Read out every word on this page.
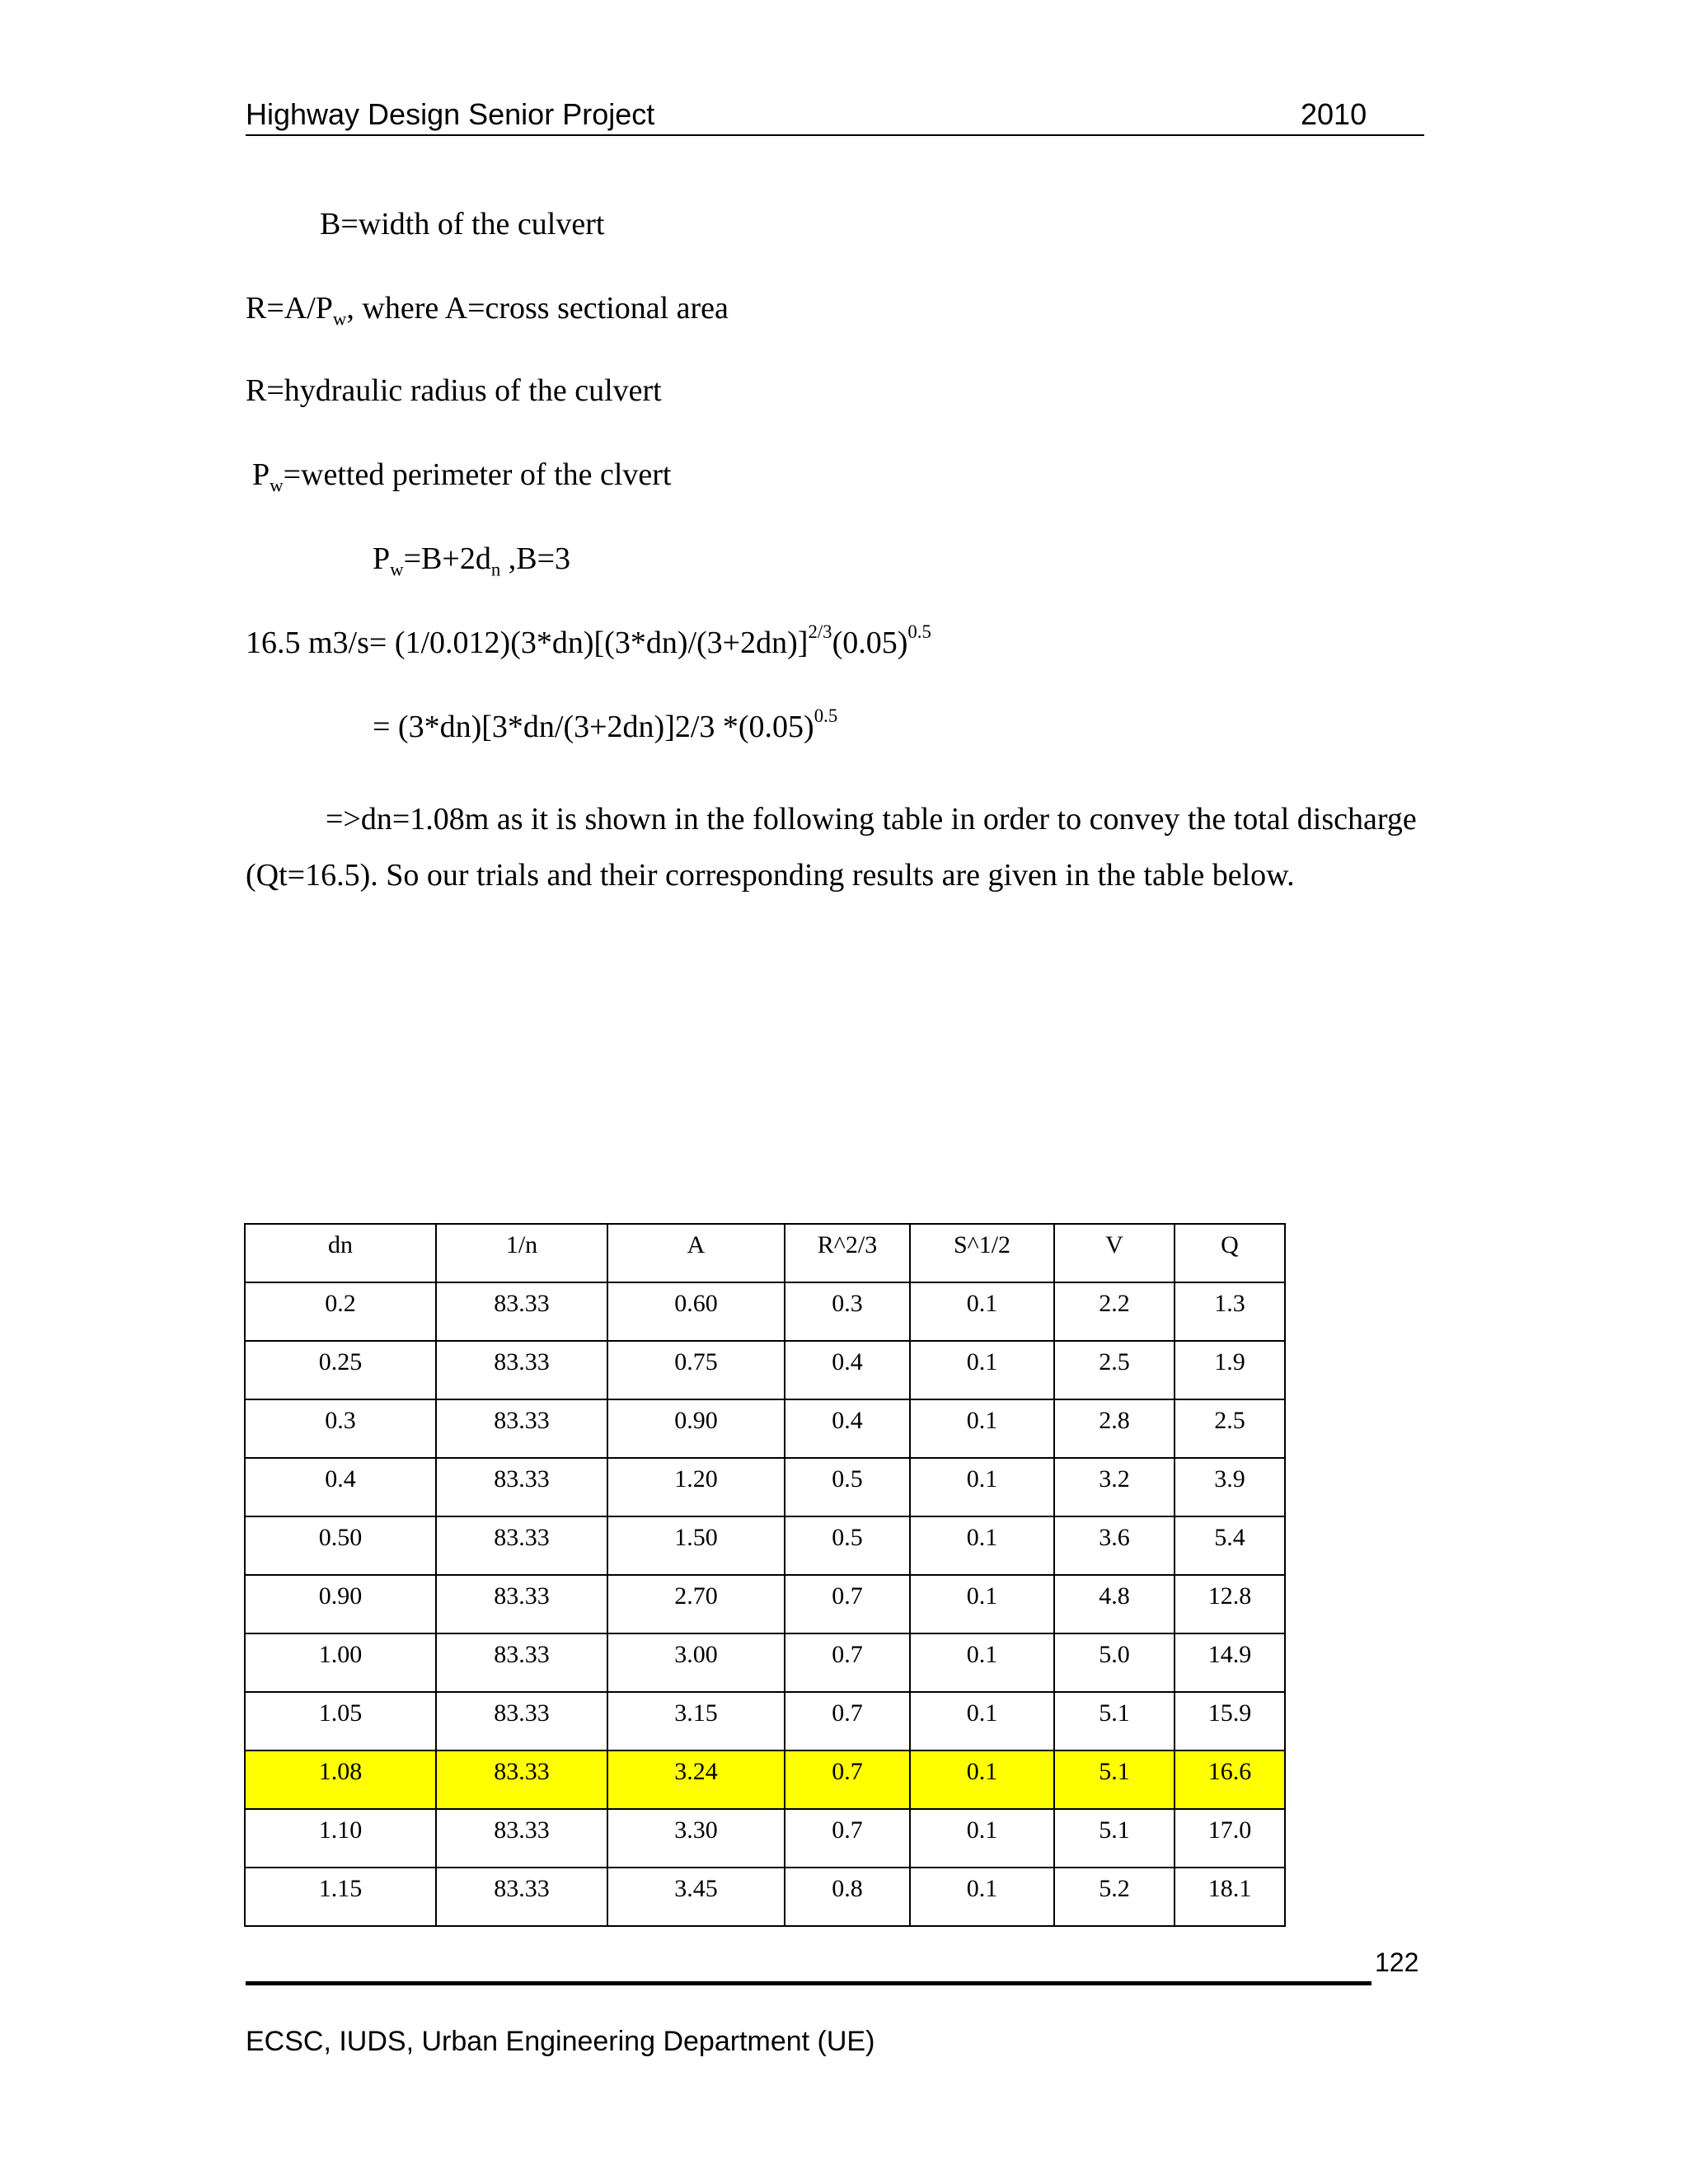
Highway Design Senior Project	2010
B=width of the culvert
$R=A/P_w$, where A=cross sectional area
R=hydraulic radius of the culvert
$P_w=wetted$ perimeter of the clvert
$P_w=B+2d_n$ ,B=3
16.5 $m3/s= (1/0.012)(3*dn)[(3*dn)/(3+2dn)]^{2/3}(0.05)^{0.5}$
= (3*dn)[3*dn/(3+2dn)]2/3 $*(0.05)^{0.5}$
=>dn=1.08m as it is shown in the following table in order to convey the total discharge (Qt=16.5). So our trials and their corresponding results are given in the table below.
dn	1/n	A	R^2/3	S^1/2	V	Q
0.2	83.33	0.60	0.3	0.1	2.2	1.3
0.25	83.33	0.75	0.4	0.1	2.5	1.9
0.3	83.33	0.90	0.4	0.1	2.8	2.5
0.4	83.33	1.20	0.5	0.1	3.2	3.9
0.50	83.33	1.50	0.5	0.1	3.6	5.4
0.90	83.33	2.70	0.7	0.1	4.8	12.8
1.00	83.33	3.00	0.7	0.1	5.0	14.9
1.05	83.33	3.15	0.7	0.1	5.1	15.9
1.08	83.33	3.24	0.7	0.1	5.1	16.6
1.10	83.33	3.30	0.7	0.1	5.1	17.0
1.15	83.33	3.45	0.8	0.1	5.2	18.1
122
ECSC, IUDS, Urban Engineering Department (UE)
